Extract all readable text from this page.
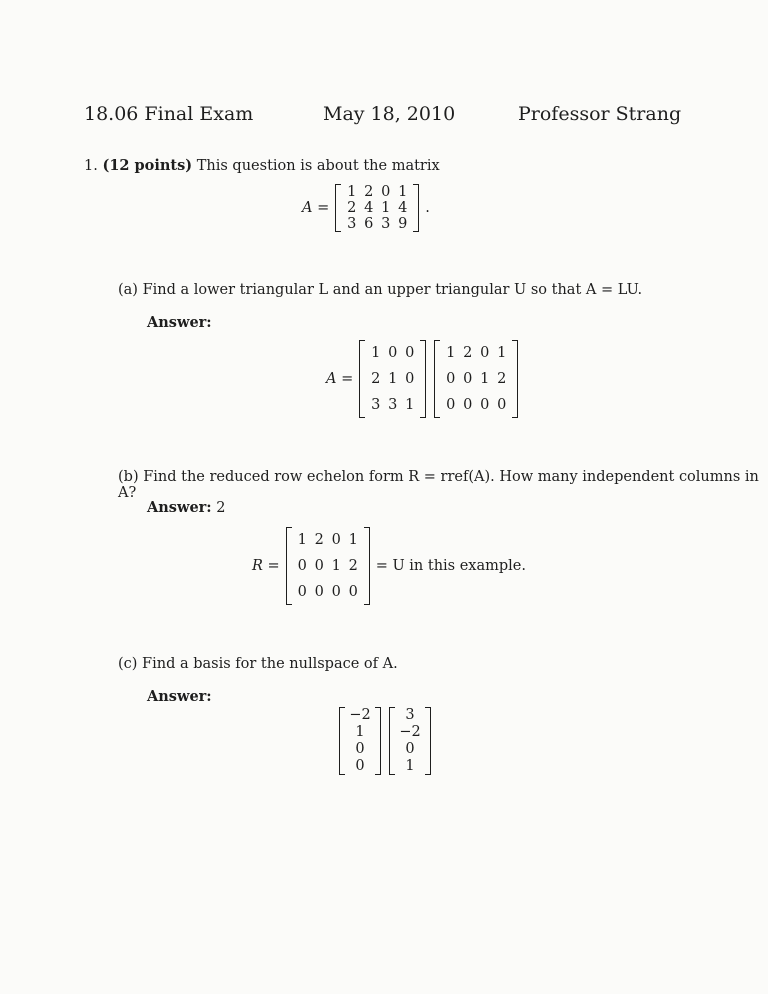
18.06 Final Exam	May 18, 2010	Professor Strang
1. (12 points) This question is about the matrix
A =
1 2 0 1
2 4 1 4
3 6 3 9
.
(a) Find a lower triangular L and an upper triangular U so that A = LU.
Answer:
A =
1 0 0
2 1 0
3 3 1
1 2 0 1
0 0 1 2
0 0 0 0
(b) Find the reduced row echelon form R = rref(A). How many independent columns in A?
Answer: 2
R =
1 2 0 1
0 0 1 2
0 0 0 0
= U in this example.
(c) Find a basis for the nullspace of A.
Answer:
−2
1
0
0
3
−2
0
1
